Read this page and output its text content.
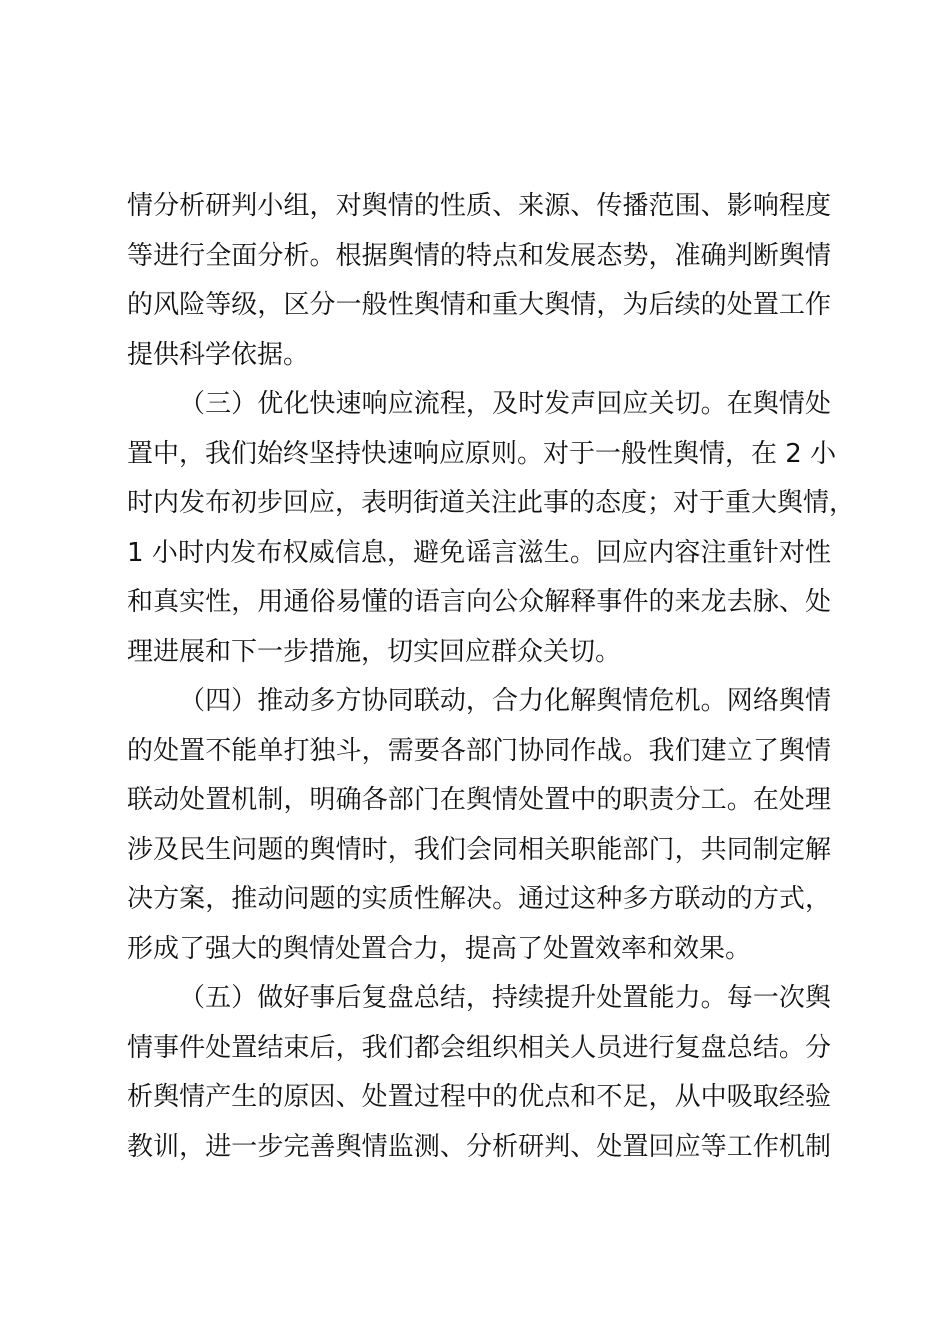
情分析研判小组，对舆情的性质、来源、传播范围、影响程度
等进行全面分析。根据舆情的特点和发展态势，准确判断舆情
的风险等级，区分一般性舆情和重大舆情，为后续的处置工作
提供科学依据。
（三）优化快速响应流程，及时发声回应关切。在舆情处
置中，我们始终坚持快速响应原则。对于一般性舆情，在 2 小
时内发布初步回应，表明街道关注此事的态度；对于重大舆情，
1 小时内发布权威信息，避免谣言滋生。回应内容注重针对性
和真实性，用通俗易懂的语言向公众解释事件的来龙去脉、处
理进展和下一步措施，切实回应群众关切。
（四）推动多方协同联动，合力化解舆情危机。网络舆情
的处置不能单打独斗，需要各部门协同作战。我们建立了舆情
联动处置机制，明确各部门在舆情处置中的职责分工。在处理
涉及民生问题的舆情时，我们会同相关职能部门，共同制定解
决方案，推动问题的实质性解决。通过这种多方联动的方式，
形成了强大的舆情处置合力，提高了处置效率和效果。
（五）做好事后复盘总结，持续提升处置能力。每一次舆
情事件处置结束后，我们都会组织相关人员进行复盘总结。分
析舆情产生的原因、处置过程中的优点和不足，从中吸取经验
教训，进一步完善舆情监测、分析研判、处置回应等工作机制
